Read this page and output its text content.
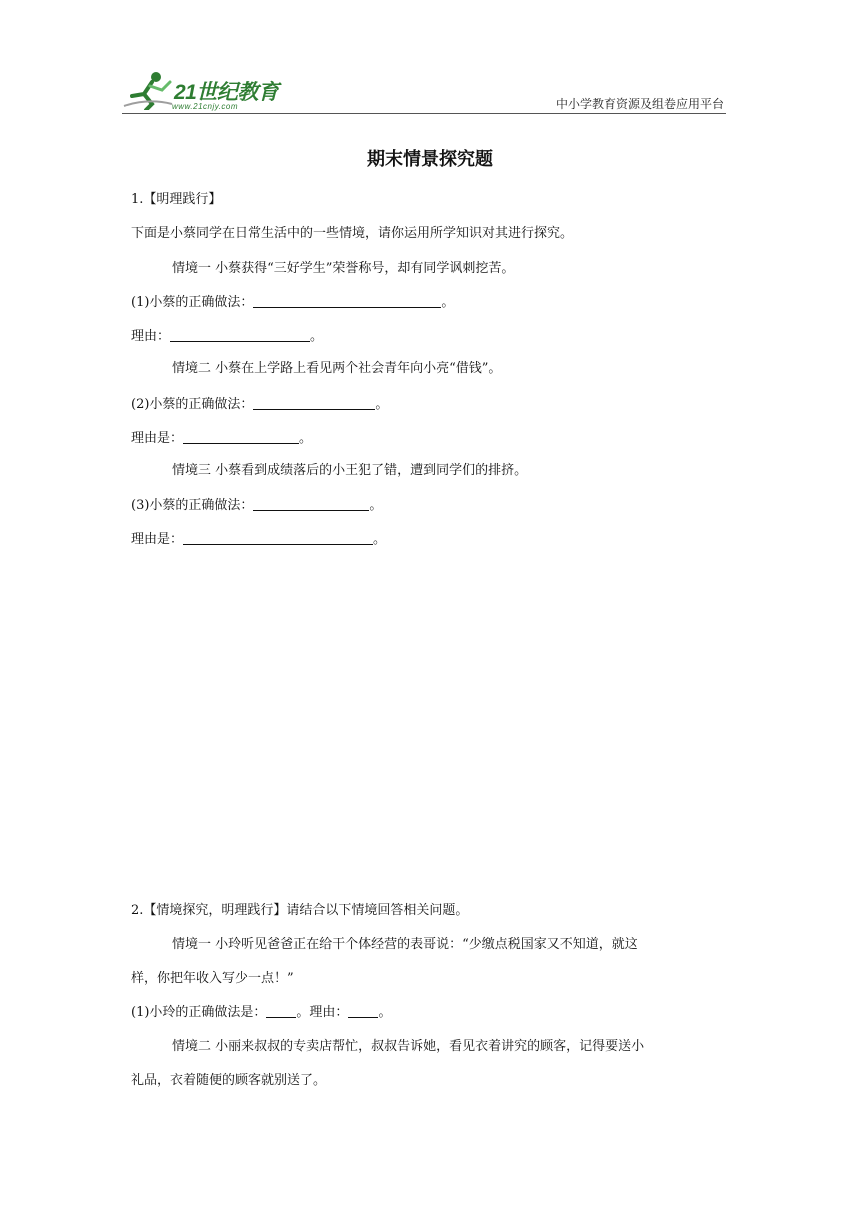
21世纪教育
www.21cnjy.com	中小学教育资源及组卷应用平台
期末情景探究题
1.【明理践行】
下面是小蔡同学在日常生活中的一些情境，请你运用所学知识对其进行探究。
情境一 小蔡获得“三好学生”荣誉称号，却有同学讽刺挖苦。
(1)小蔡的正确做法：	。
理由：	。
情境二 小蔡在上学路上看见两个社会青年向小亮“借钱”。
(2)小蔡的正确做法：	。
理由是：	。
情境三 小蔡看到成绩落后的小王犯了错，遭到同学们的排挤。
(3)小蔡的正确做法：	。
理由是：	。
2.【情境探究，明理践行】请结合以下情境回答相关问题。
情境一 小玲听见爸爸正在给干个体经营的表哥说：“少缴点税国家又不知道，就这
样，你把年收入写少一点！”
(1)小玲的正确做法是： 。理由： 。
情境二 小丽来叔叔的专卖店帮忙，叔叔告诉她，看见衣着讲究的顾客，记得要送小
礼品，衣着随便的顾客就别送了。
